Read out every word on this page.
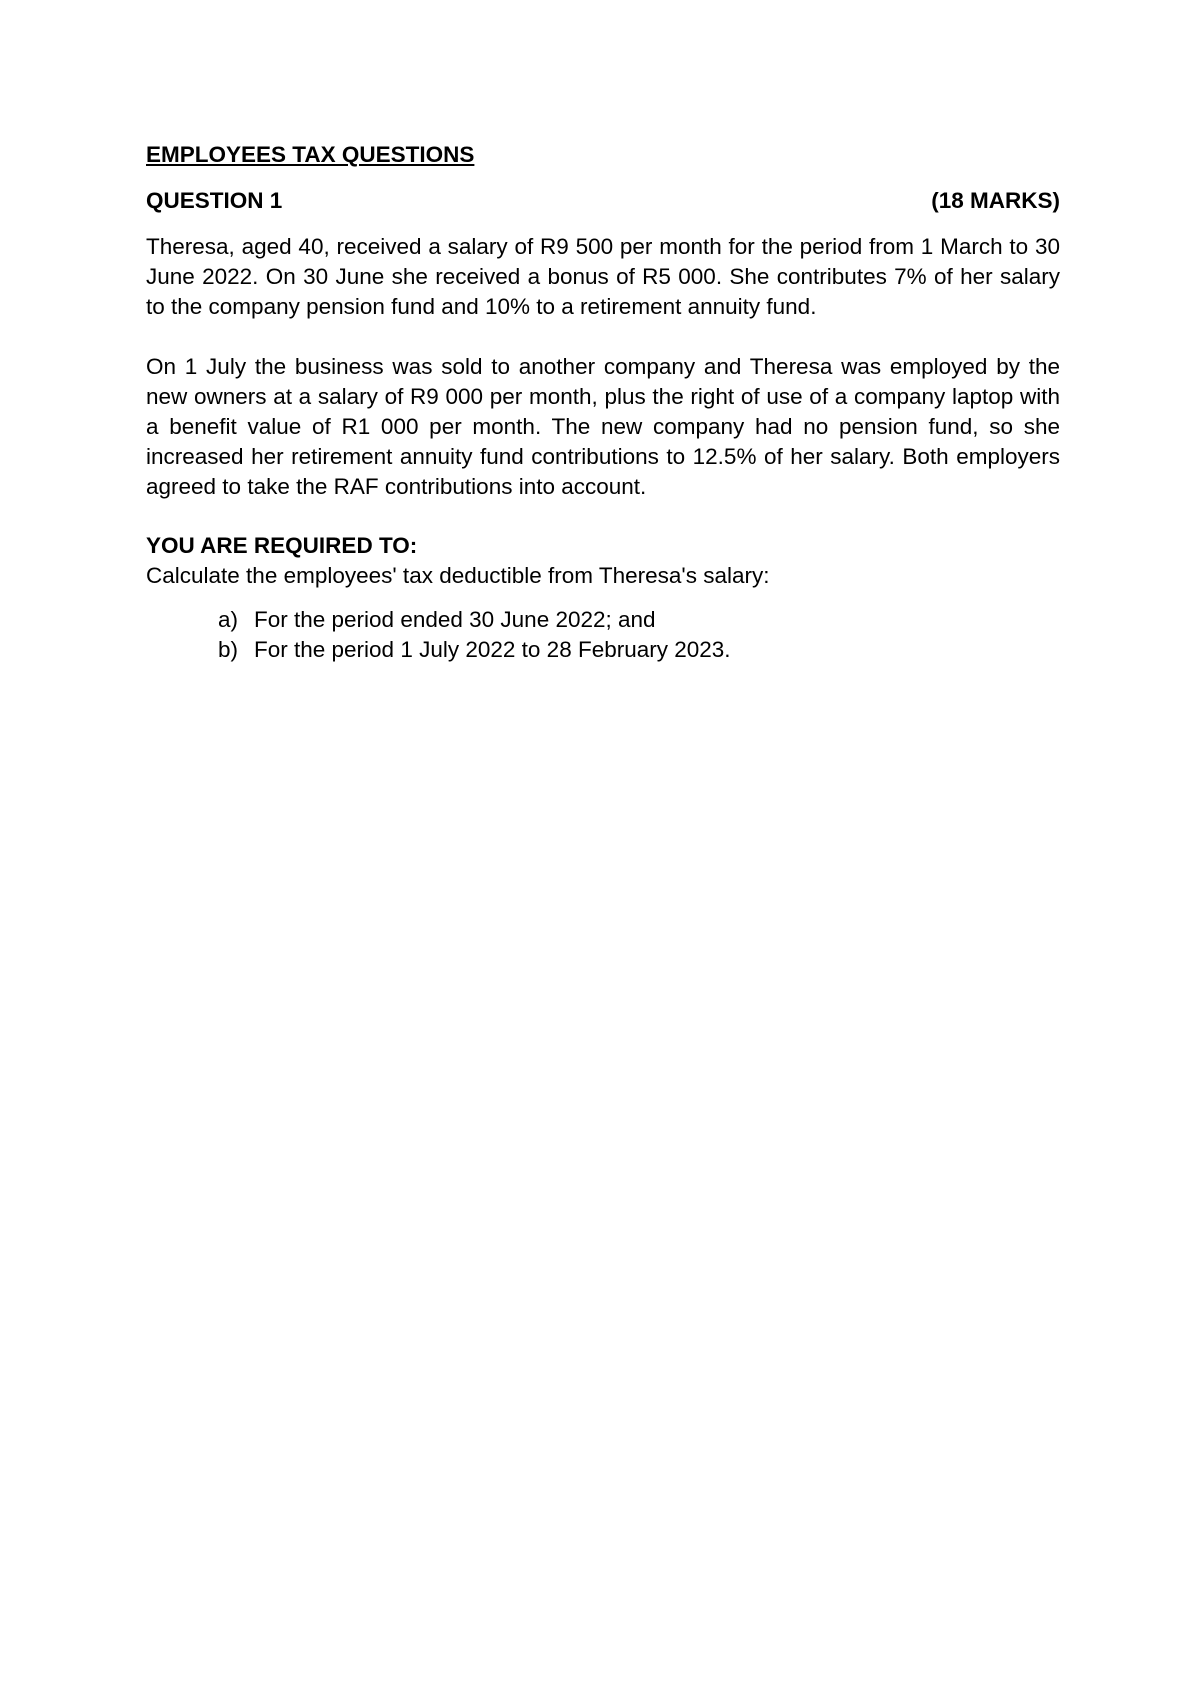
EMPLOYEES TAX QUESTIONS
QUESTION 1	(18 MARKS)

Theresa, aged 40, received a salary of R9 500 per month for the period from 1 March to 30 June 2022. On 30 June she received a bonus of R5 000. She contributes 7% of her salary to the company pension fund and 10% to a retirement annuity fund.

On 1 July the business was sold to another company and Theresa was employed by the new owners at a salary of R9 000 per month, plus the right of use of a company laptop with a benefit value of R1 000 per month. The new company had no pension fund, so she increased her retirement annuity fund contributions to 12.5% of her salary. Both employers agreed to take the RAF contributions into account.

YOU ARE REQUIRED TO:
Calculate the employees' tax deductible from Theresa's salary:
a) For the period ended 30 June 2022; and
b) For the period 1 July 2022 to 28 February 2023.
